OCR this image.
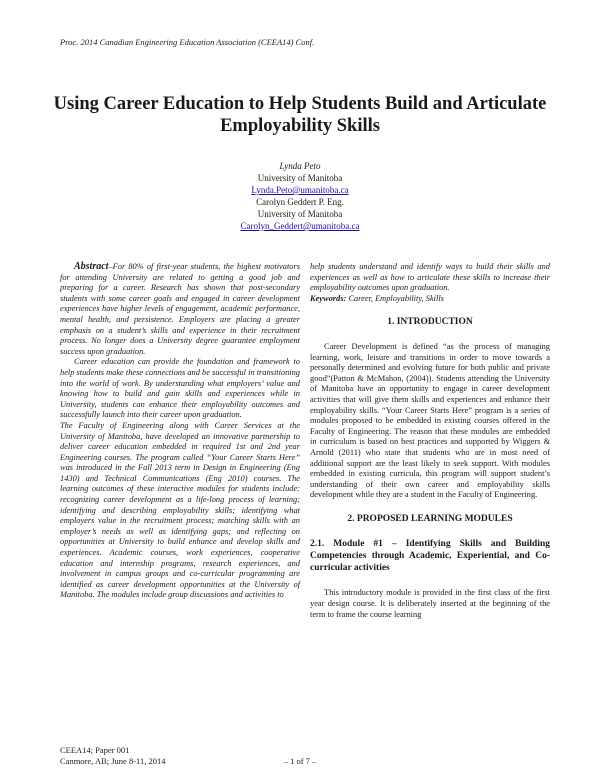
Proc. 2014 Canadian Engineering Education Association (CEEA14) Conf.
Using Career Education to Help Students Build and Articulate Employability Skills
Lynda Peto
University of Manitoba
Lynda.Peto@umanitoba.ca
Carolyn Geddert P. Eng.
University of Manitoba
Carolyn_Geddert@umanitoba.ca

Abstract–For 80% of first-year students, the highest motivators for attending University are related to getting a good job and preparing for a career. Research has shown that post-secondary students with some career goals and engaged in career development experiences have higher levels of engagement, academic performance, mental health, and persistence. Employers are placing a greater emphasis on a student’s skills and experience in their recruitment process. No longer does a University degree guarantee employment success upon graduation.

Career education can provide the foundation and framework to help students make these connections and be successful in transitioning into the world of work. By understanding what employers’ value and knowing how to build and gain skills and experiences while in University, students can enhance their employability outcomes and successfully launch into their career upon graduation.

The Faculty of Engineering along with Career Services at the University of Manitoba, have developed an innovative partnership to deliver career education embedded in required 1st and 2nd year Engineering courses. The program called “Your Career Starts Here” was introduced in the Fall 2013 term in Design in Engineering (Eng 1430) and Technical Communications (Eng 2010) courses. The learning outcomes of these interactive modules for students include: recognizing career development as a life-long process of learning; identifying and describing employability skills; identifying what employers value in the recruitment process; matching skills with an employer’s needs as well as identifying gaps; and reflecting on opportunities at University to build enhance and develop skills and experiences. Academic courses, work experiences, cooperative education and internship programs, research experiences, and involvement in campus groups and co-curricular programming are identified as career development opportunities at the University of Manitoba. The modules include group discussions and activities to

help students understand and identify ways to build their skills and experiences as well as how to articulate these skills to increase their employability outcomes upon graduation.

Keywords: Career, Employability, Skills

1. INTRODUCTION

Career Development is defined “as the process of managing learning, work, leisure and transitions in order to move towards a personally determined and evolving future for both public and private good”(Patton & McMahon, (2004)). Students attending the University of Manitoba have an opportunity to engage in career development activities that will give them skills and experiences and enhance their employability skills. “Your Career Starts Here” program is a series of modules proposed to be embedded in existing courses offered in the Faculty of Engineering. The reason that these modules are embedded in curriculum is based on best practices and supported by Wiggers & Arnold (2011) who state that students who are in most need of additional support are the least likely to seek support. With modules embedded in existing curricula, this program will support student’s understanding of their own career and employability skills development while they are a student in the Faculty of Engineering.

2. PROPOSED LEARNING MODULES
2.1. Module #1 – Identifying Skills and Building Competencies through Academic, Experiential, and Co-curricular activities

This introductory module is provided in the first class of the first year design course. It is deliberately inserted at the beginning of the term to frame the course learning

CEEA14; Paper 001
Canmore, AB; June 8-11, 2014	– 1 of 7 –
